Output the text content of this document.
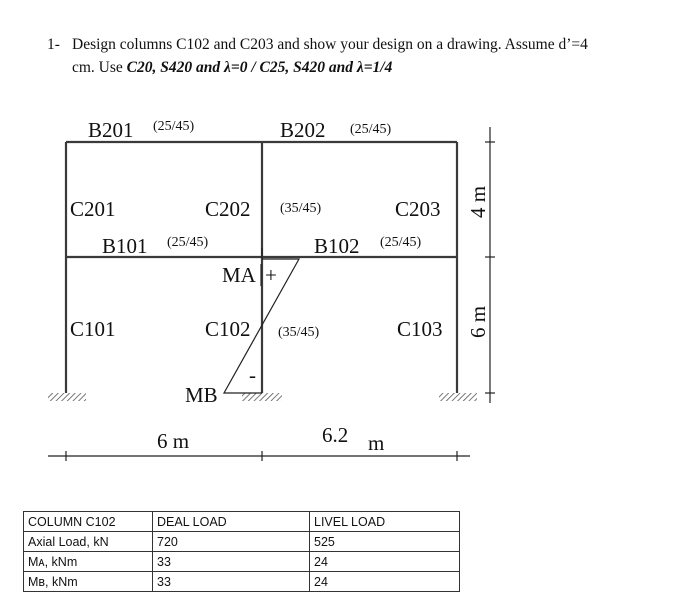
1- Design columns C102 and C203 and show your design on a drawing. Assume d’=4
cm. Use C20, S420 and λ=0 / C25, S420 and λ=1/4
B201 (25/45)	B202 (25/45)
B101 (25/45)	B102 (25/45)
C201	C202 (35/45)	C203
C101	C102 (35/45)	C103
MA +
MB
-
6 m	6.2 m
4 m
6 m
COLUMN C102	DEAL LOAD	LIVEL LOAD
Axial Load, kN	720	525
Mᴀ, kNm	33	24
Mʙ, kNm	33	24
